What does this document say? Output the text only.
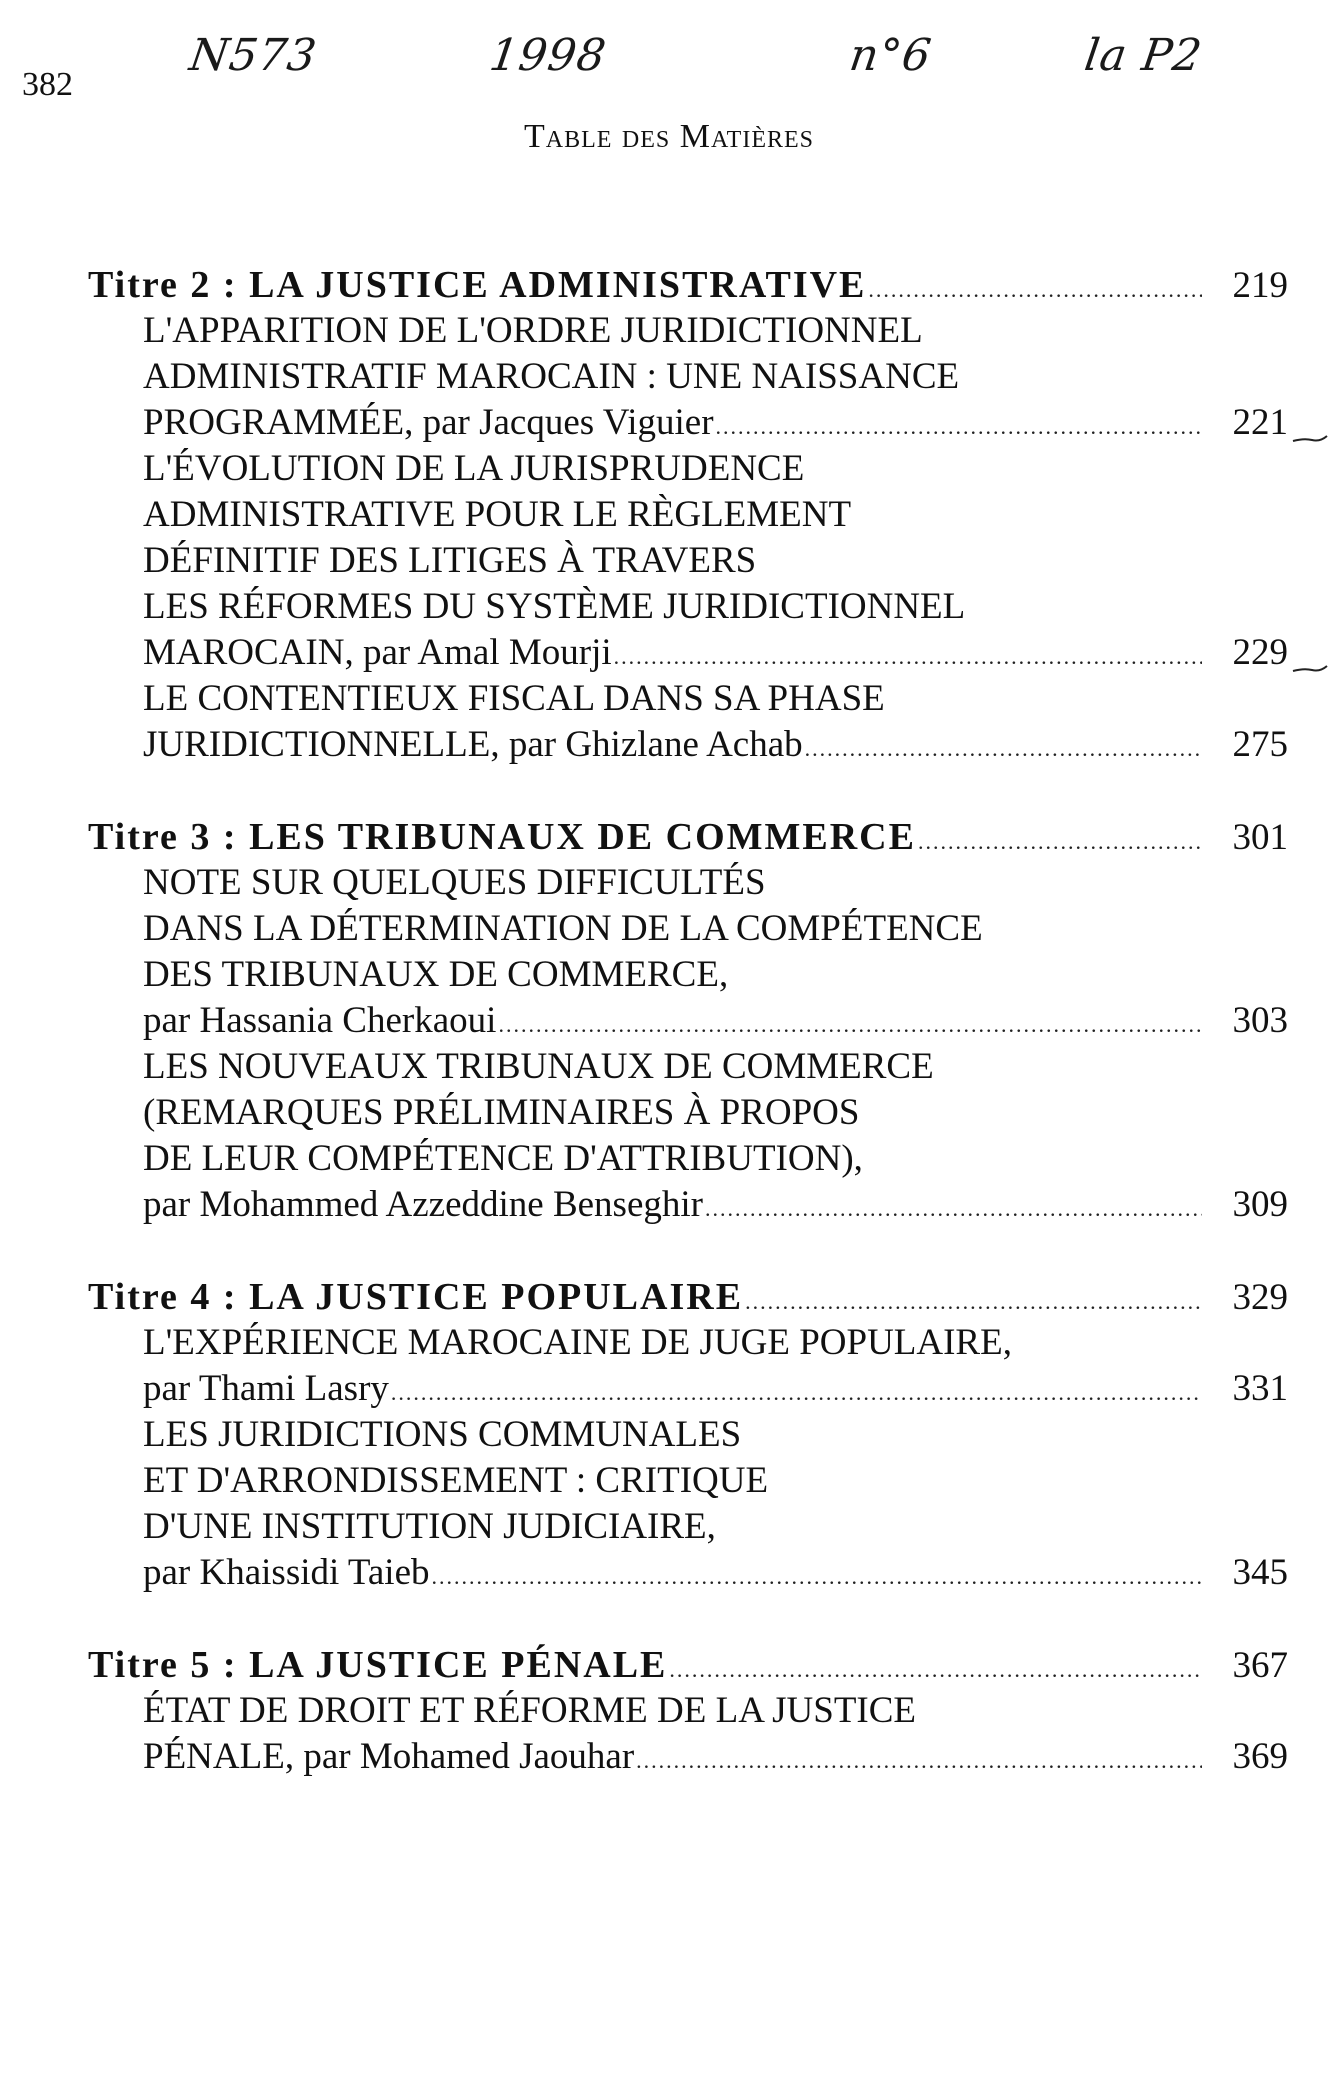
382
N573	1998	n°6	la P2
Table des Matières
Titre 2 : LA JUSTICE ADMINISTRATIVE .....	219
L'APPARITION DE L'ORDRE JURIDICTIONNEL
ADMINISTRATIF MAROCAIN : UNE NAISSANCE
PROGRAMMÉE, par Jacques Viguier .....	221
L'ÉVOLUTION DE LA JURISPRUDENCE
ADMINISTRATIVE POUR LE RÈGLEMENT
DÉFINITIF DES LITIGES À TRAVERS
LES RÉFORMES DU SYSTÈME JURIDICTIONNEL
MAROCAIN, par Amal Mourji .....	229
LE CONTENTIEUX FISCAL DANS SA PHASE
JURIDICTIONNELLE, par Ghizlane Achab .....	275
Titre 3 : LES TRIBUNAUX DE COMMERCE .....	301
NOTE SUR QUELQUES DIFFICULTÉS
DANS LA DÉTERMINATION DE LA COMPÉTENCE
DES TRIBUNAUX DE COMMERCE,
par Hassania Cherkaoui .....	303
LES NOUVEAUX TRIBUNAUX DE COMMERCE
(REMARQUES PRÉLIMINAIRES À PROPOS
DE LEUR COMPÉTENCE D'ATTRIBUTION),
par Mohammed Azzeddine Benseghir .....	309
Titre 4 : LA JUSTICE POPULAIRE .....	329
L'EXPÉRIENCE MAROCAINE DE JUGE POPULAIRE,
par Thami Lasry .....	331
LES JURIDICTIONS COMMUNALES
ET D'ARRONDISSEMENT : CRITIQUE
D'UNE INSTITUTION JUDICIAIRE,
par Khaissidi Taieb .....	345
Titre 5 : LA JUSTICE PÉNALE .....	367
ÉTAT DE DROIT ET RÉFORME DE LA JUSTICE
PÉNALE, par Mohamed Jaouhar .....	369
